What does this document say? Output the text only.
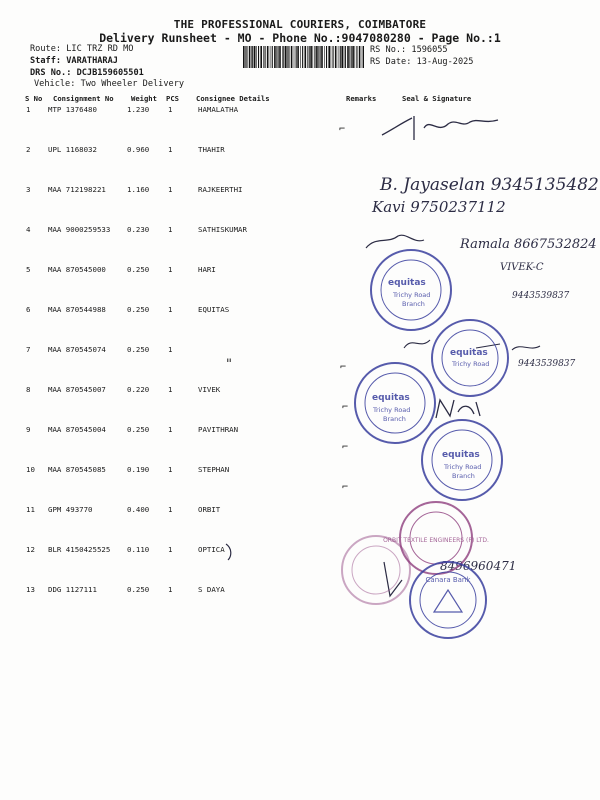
THE PROFESSIONAL COURIERS, COIMBATORE
Delivery Runsheet - MO - Phone No.:9047080280 - Page No.:1
Route: LIC TRZ RD MO
Staff: VARATHARAJ
DRS No.: DCJB159605501
Vehicle: Two Wheeler Delivery
RS No.: 1596055
RS Date: 13-Aug-2025
S No Consignment No Weight PCS Consignee Details	Remarks	Seal & Signature
1 MTP 1376480	1.230	1	HAMALATHA
2 UPL 1168032	0.960	1	THAHIR
3 MAA 712198221	1.160	1	RAJKEERTHI
4 MAA 9000259533 0.230	1	SATHISKUMAR
5 MAA 870545000	0.250	1	HARI
6 MAA 870544988	0.250	1	EQUITAS
7 MAA 870545074	0.250	1
8 MAA 870545007	0.220	1	VIVEK
9 MAA 870545004	0.250	1	PAVITHRAN
10 MAA 870545085	0.190	1	STEPHAN
11 GPM 493770	0.400	1	ORBIT
12 BLR 4150425525 0.110	1	OPTICA
13 DDG 1127111	0.250	1	S DAYA
"
⌐
⌐
⌐
⌐
⌐
B. Jayaselan 9345135482
Kavi 9750237112
Ramala 8667532824
VIVEK-C
9443539837
9443539837
8496960471
equitas
Trichy Road
Branch
equitas
Trichy Road
equitas
Trichy Road
Branch
equitas
Trichy Road
Branch
ORBIT TEXTILE ENGINEERS (P) LTD.
Canara Bank
